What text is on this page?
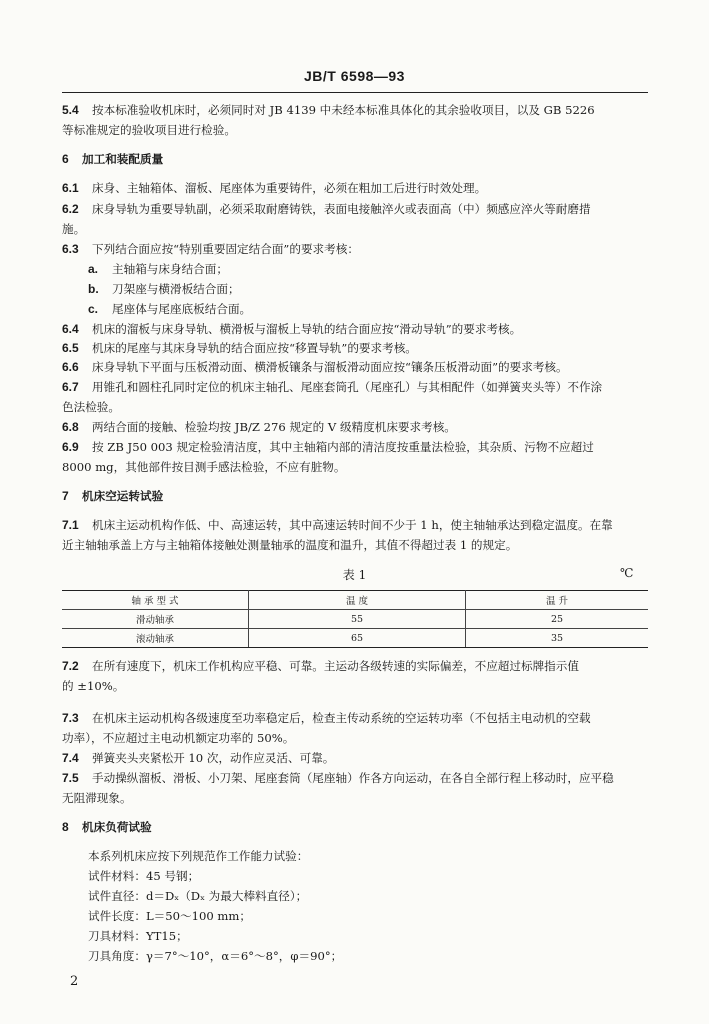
JB/T 6598—93
5.4 按本标准验收机床时，必须同时对 JB 4139 中未经本标准具体化的其余验收项目，以及 GB 5226
等标准规定的验收项目进行检验。
6 加工和装配质量
6.1 床身、主轴箱体、溜板、尾座体为重要铸件，必须在粗加工后进行时效处理。
6.2 床身导轨为重要导轨副，必须采取耐磨铸铁，表面电接触淬火或表面高（中）频感应淬火等耐磨措
施。
6.3 下列结合面应按“特别重要固定结合面”的要求考核：
a. 主轴箱与床身结合面；
b. 刀架座与横滑板结合面；
c. 尾座体与尾座底板结合面。
6.4 机床的溜板与床身导轨、横滑板与溜板上导轨的结合面应按“滑动导轨”的要求考核。
6.5 机床的尾座与其床身导轨的结合面应按“移置导轨”的要求考核。
6.6 床身导轨下平面与压板滑动面、横滑板镶条与溜板滑动面应按“镶条压板滑动面”的要求考核。
6.7 用锥孔和圆柱孔同时定位的机床主轴孔、尾座套筒孔（尾座孔）与其相配件（如弹簧夹头等）不作涂
色法检验。
6.8 两结合面的接触、检验均按 JB/Z 276 规定的 V 级精度机床要求考核。
6.9 按 ZB J50 003 规定检验清洁度，其中主轴箱内部的清洁度按重量法检验，其杂质、污物不应超过
8000 mg，其他部件按目测手感法检验，不应有脏物。
7 机床空运转试验
7.1 机床主运动机构作低、中、高速运转，其中高速运转时间不少于 1 h，使主轴轴承达到稳定温度。在靠
近主轴轴承盖上方与主轴箱体接触处测量轴承的温度和温升，其值不得超过表 1 的规定。
7.2 在所有速度下，机床工作机构应平稳、可靠。主运动各级转速的实际偏差，不应超过标牌指示值
的 ±10%。
7.3 在机床主运动机构各级速度至功率稳定后，检查主传动系统的空运转功率（不包括主电动机的空载
功率），不应超过主电动机额定功率的 50%。
7.4 弹簧夹头夹紧松开 10 次，动作应灵活、可靠。
7.5 手动操纵溜板、滑板、小刀架、尾座套筒（尾座轴）作各方向运动，在各自全部行程上移动时，应平稳
无阻滞现象。
8 机床负荷试验
本系列机床应按下列规范作工作能力试验：
试件材料：45 号钢；
试件直径：d＝Dₓ（Dₓ 为最大棒料直径）；
试件长度：L＝50～100 mm；
刀具材料：YT15；
刀具角度：γ＝7°～10°，α＝6°～8°，φ＝90°；
表 1	℃
轴 承 型 式	温 度	温 升
滑动轴承	55	25
滚动轴承	65	35
2
